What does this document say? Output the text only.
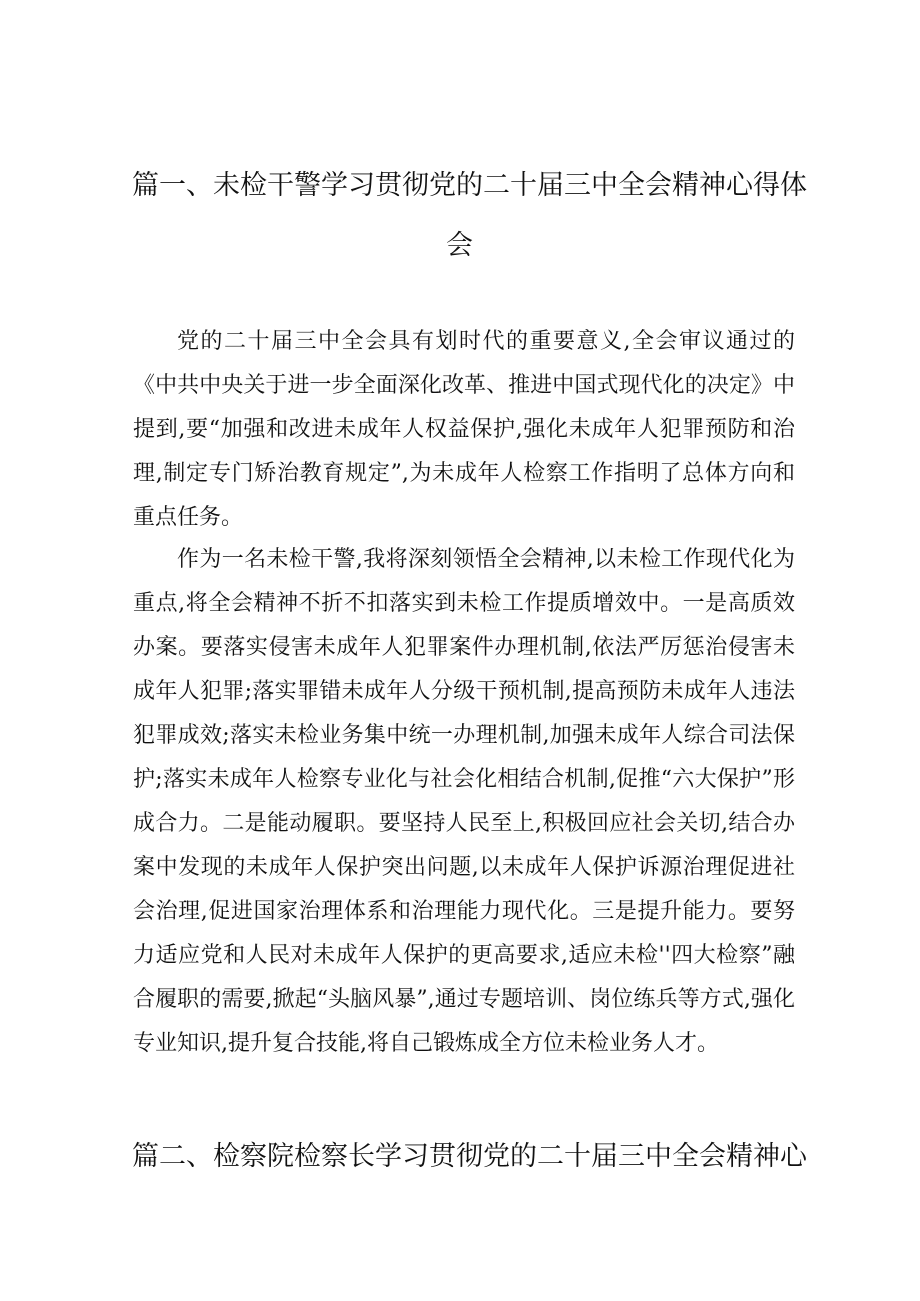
篇一、未检干警学习贯彻党的二十届三中全会精神心得体
会

党的二十届三中全会具有划时代的重要意义,全会审议通过的《中共中央关于进一步全面深化改革、推进中国式现代化的决定》中提到,要“加强和改进未成年人权益保护,强化未成年人犯罪预防和治理,制定专门矫治教育规定”,为未成年人检察工作指明了总体方向和重点任务。

作为一名未检干警,我将深刻领悟全会精神,以未检工作现代化为重点,将全会精神不折不扣落实到未检工作提质增效中。一是高质效办案。要落实侵害未成年人犯罪案件办理机制,依法严厉惩治侵害未成年人犯罪;落实罪错未成年人分级干预机制,提高预防未成年人违法犯罪成效;落实未检业务集中统一办理机制,加强未成年人综合司法保护;落实未成年人检察专业化与社会化相结合机制,促推“六大保护”形成合力。二是能动履职。要坚持人民至上,积极回应社会关切,结合办案中发现的未成年人保护突出问题,以未成年人保护诉源治理促进社会治理,促进国家治理体系和治理能力现代化。三是提升能力。要努力适应党和人民对未成年人保护的更高要求,适应未检''四大检察”融合履职的需要,掀起“头脑风暴”,通过专题培训、岗位练兵等方式,强化专业知识,提升复合技能,将自己锻炼成全方位未检业务人才。

篇二、检察院检察长学习贯彻党的二十届三中全会精神心
